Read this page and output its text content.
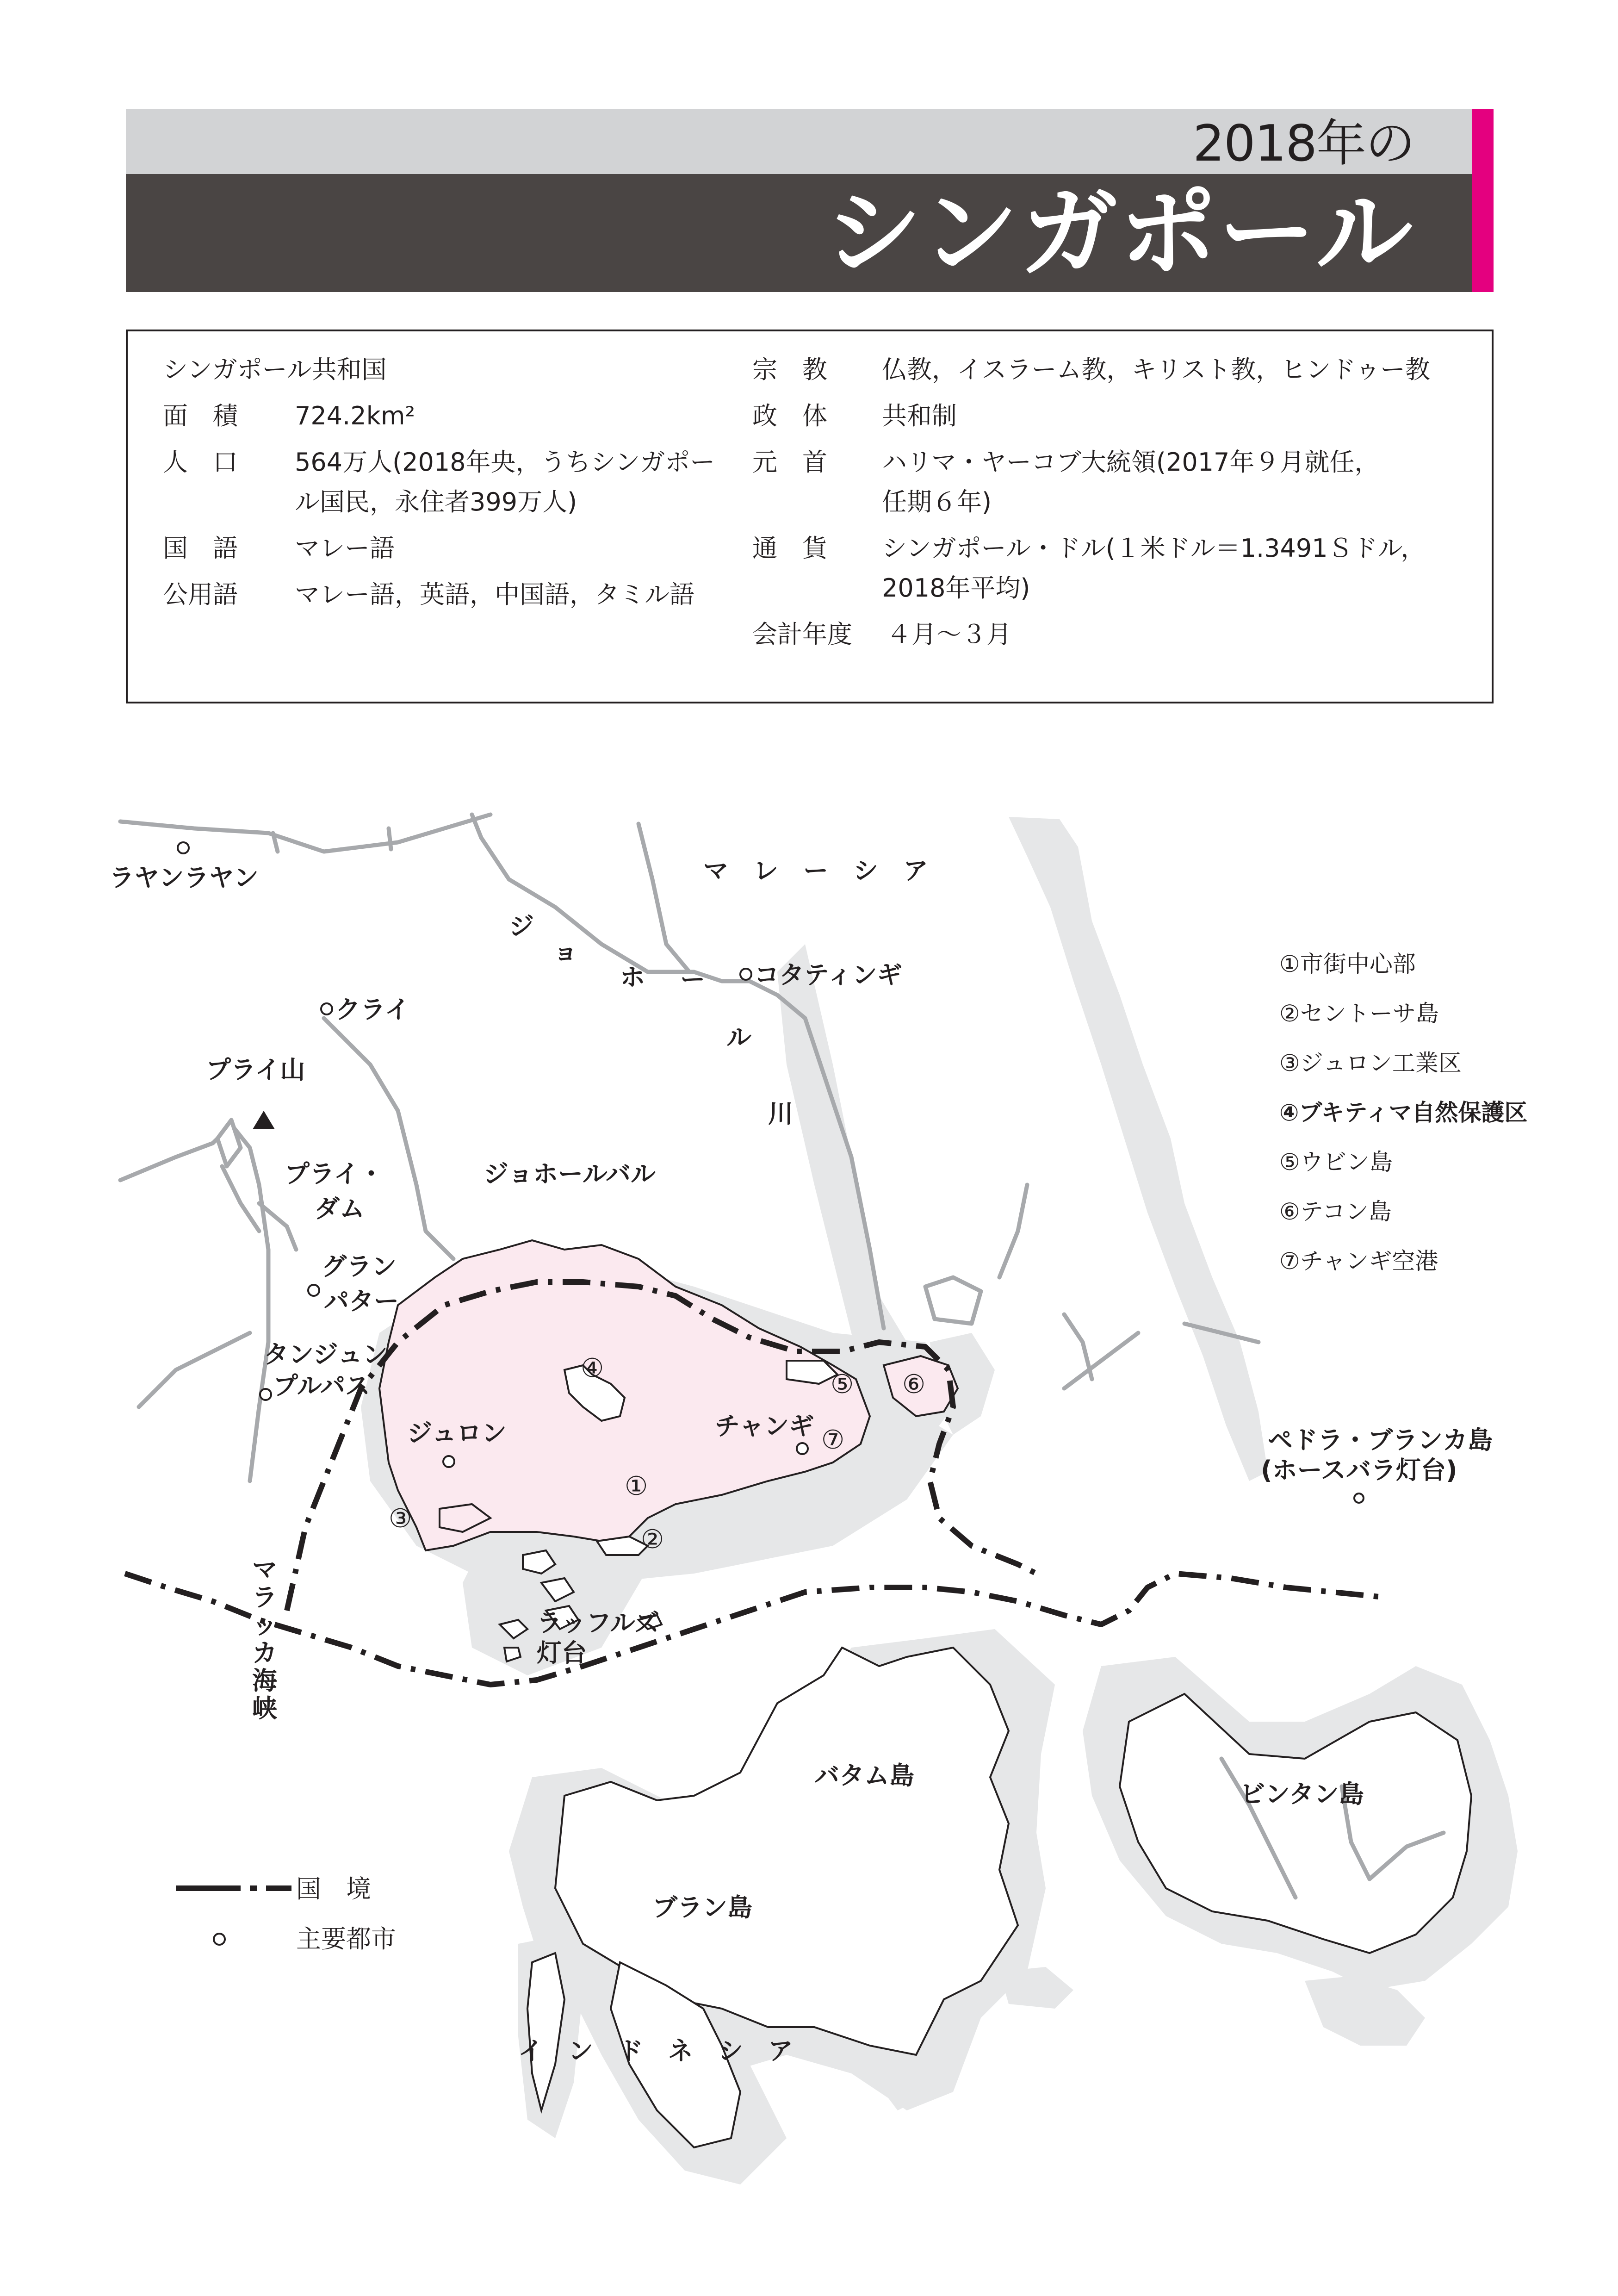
2018年の
シンガポール
シンガポール共和国
面　積	724.2km²
人　口	564万人(2018年央，うちシンガポー
ル国民，永住者399万人)
国　語	マレー語
公用語	マレー語，英語，中国語，タミル語
宗　教	仏教，イスラーム教，キリスト教，ヒンドゥー教
政　体	共和制
元　首	ハリマ・ヤーコブ大統領(2017年９月就任，
任期６年)
通　貨	シンガポール・ドル(１米ドル＝1.3491Ｓドル，
2018年平均)
会計年度	４月～３月
マ　レ　ー　シ　ア
イ　ン　ド　ネ　シ　ア
ラヤンラヤン
クライ
コタティンギ
プライ山
プライ・
ダム
ジョホールバル
グラン
パター
タンジュン
プルパス
ジュロン	チャンギ
ラッフルズ
灯台
バタム島
ビンタン島
ブラン島
ペドラ・ブランカ島
(ホースバラ灯台)
ジ
ョ
ホ ー
ル
川
マ
ラ
ッ
カ
海
峡
①
②
③
④
⑤ ⑥
⑦
①市街中心部
②セントーサ島
③ジュロン工業区
④ブキティマ自然保護区
⑤ウビン島
⑥テコン島
⑦チャンギ空港
国　境
主要都市
